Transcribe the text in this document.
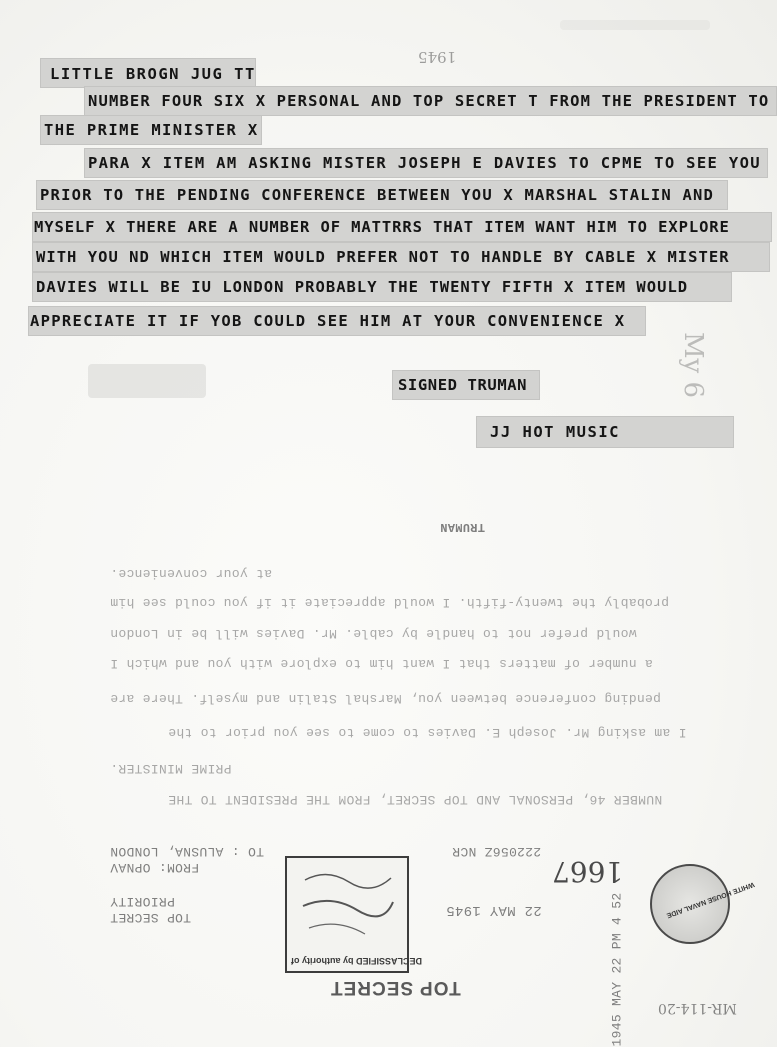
LITTLE BROGN JUG TT
NUMBER FOUR SIX X PERSONAL AND TOP SECRET T FROM THE PRESIDENT TO
THE PRIME MINISTER X
PARA X ITEM AM ASKING MISTER JOSEPH E DAVIES TO CPME TO SEE YOU
PRIOR TO THE PENDING CONFERENCE BETWEEN YOU X MARSHAL STALIN AND
MYSELF X THERE ARE A NUMBER OF MATTRRS THAT ITEM WANT HIM TO EXPLORE
WITH YOU ND WHICH ITEM WOULD PREFER NOT TO HANDLE BY CABLE X MISTER
DAVIES WILL BE IU LONDON PROBABLY THE TWENTY FIFTH X ITEM WOULD
APPRECIATE IT IF YOB COULD SEE HIM AT YOUR CONVENIENCE X
SIGNED TRUMAN
JJ HOT MUSIC
1945
My 6
TRUMAN
at your convenience.
probably the twenty-fifth. I would appreciate it if you could see him
would prefer not to handle by cable. Mr. Davies will be in London
a number of matters that I want him to explore with you and which I
pending conference between you, Marshal Stalin and myself. There are
I am asking Mr. Joseph E. Davies to come to see you prior to the
PRIME MINISTER.
NUMBER 46, PERSONAL AND TOP SECRET, FROM THE PRESIDENT TO THE
TO : ALUSNA, LONDON
FROM: OPNAV
PRIORITY
TOP SECRET
222056Z NCR
22 MAY 1945	1945 MAY 22 PM 4 52
DECLASSIFIED by authority of
TOP SECRET
1667
WHITE HOUSE NAVAL AIDE
MR-114-20
